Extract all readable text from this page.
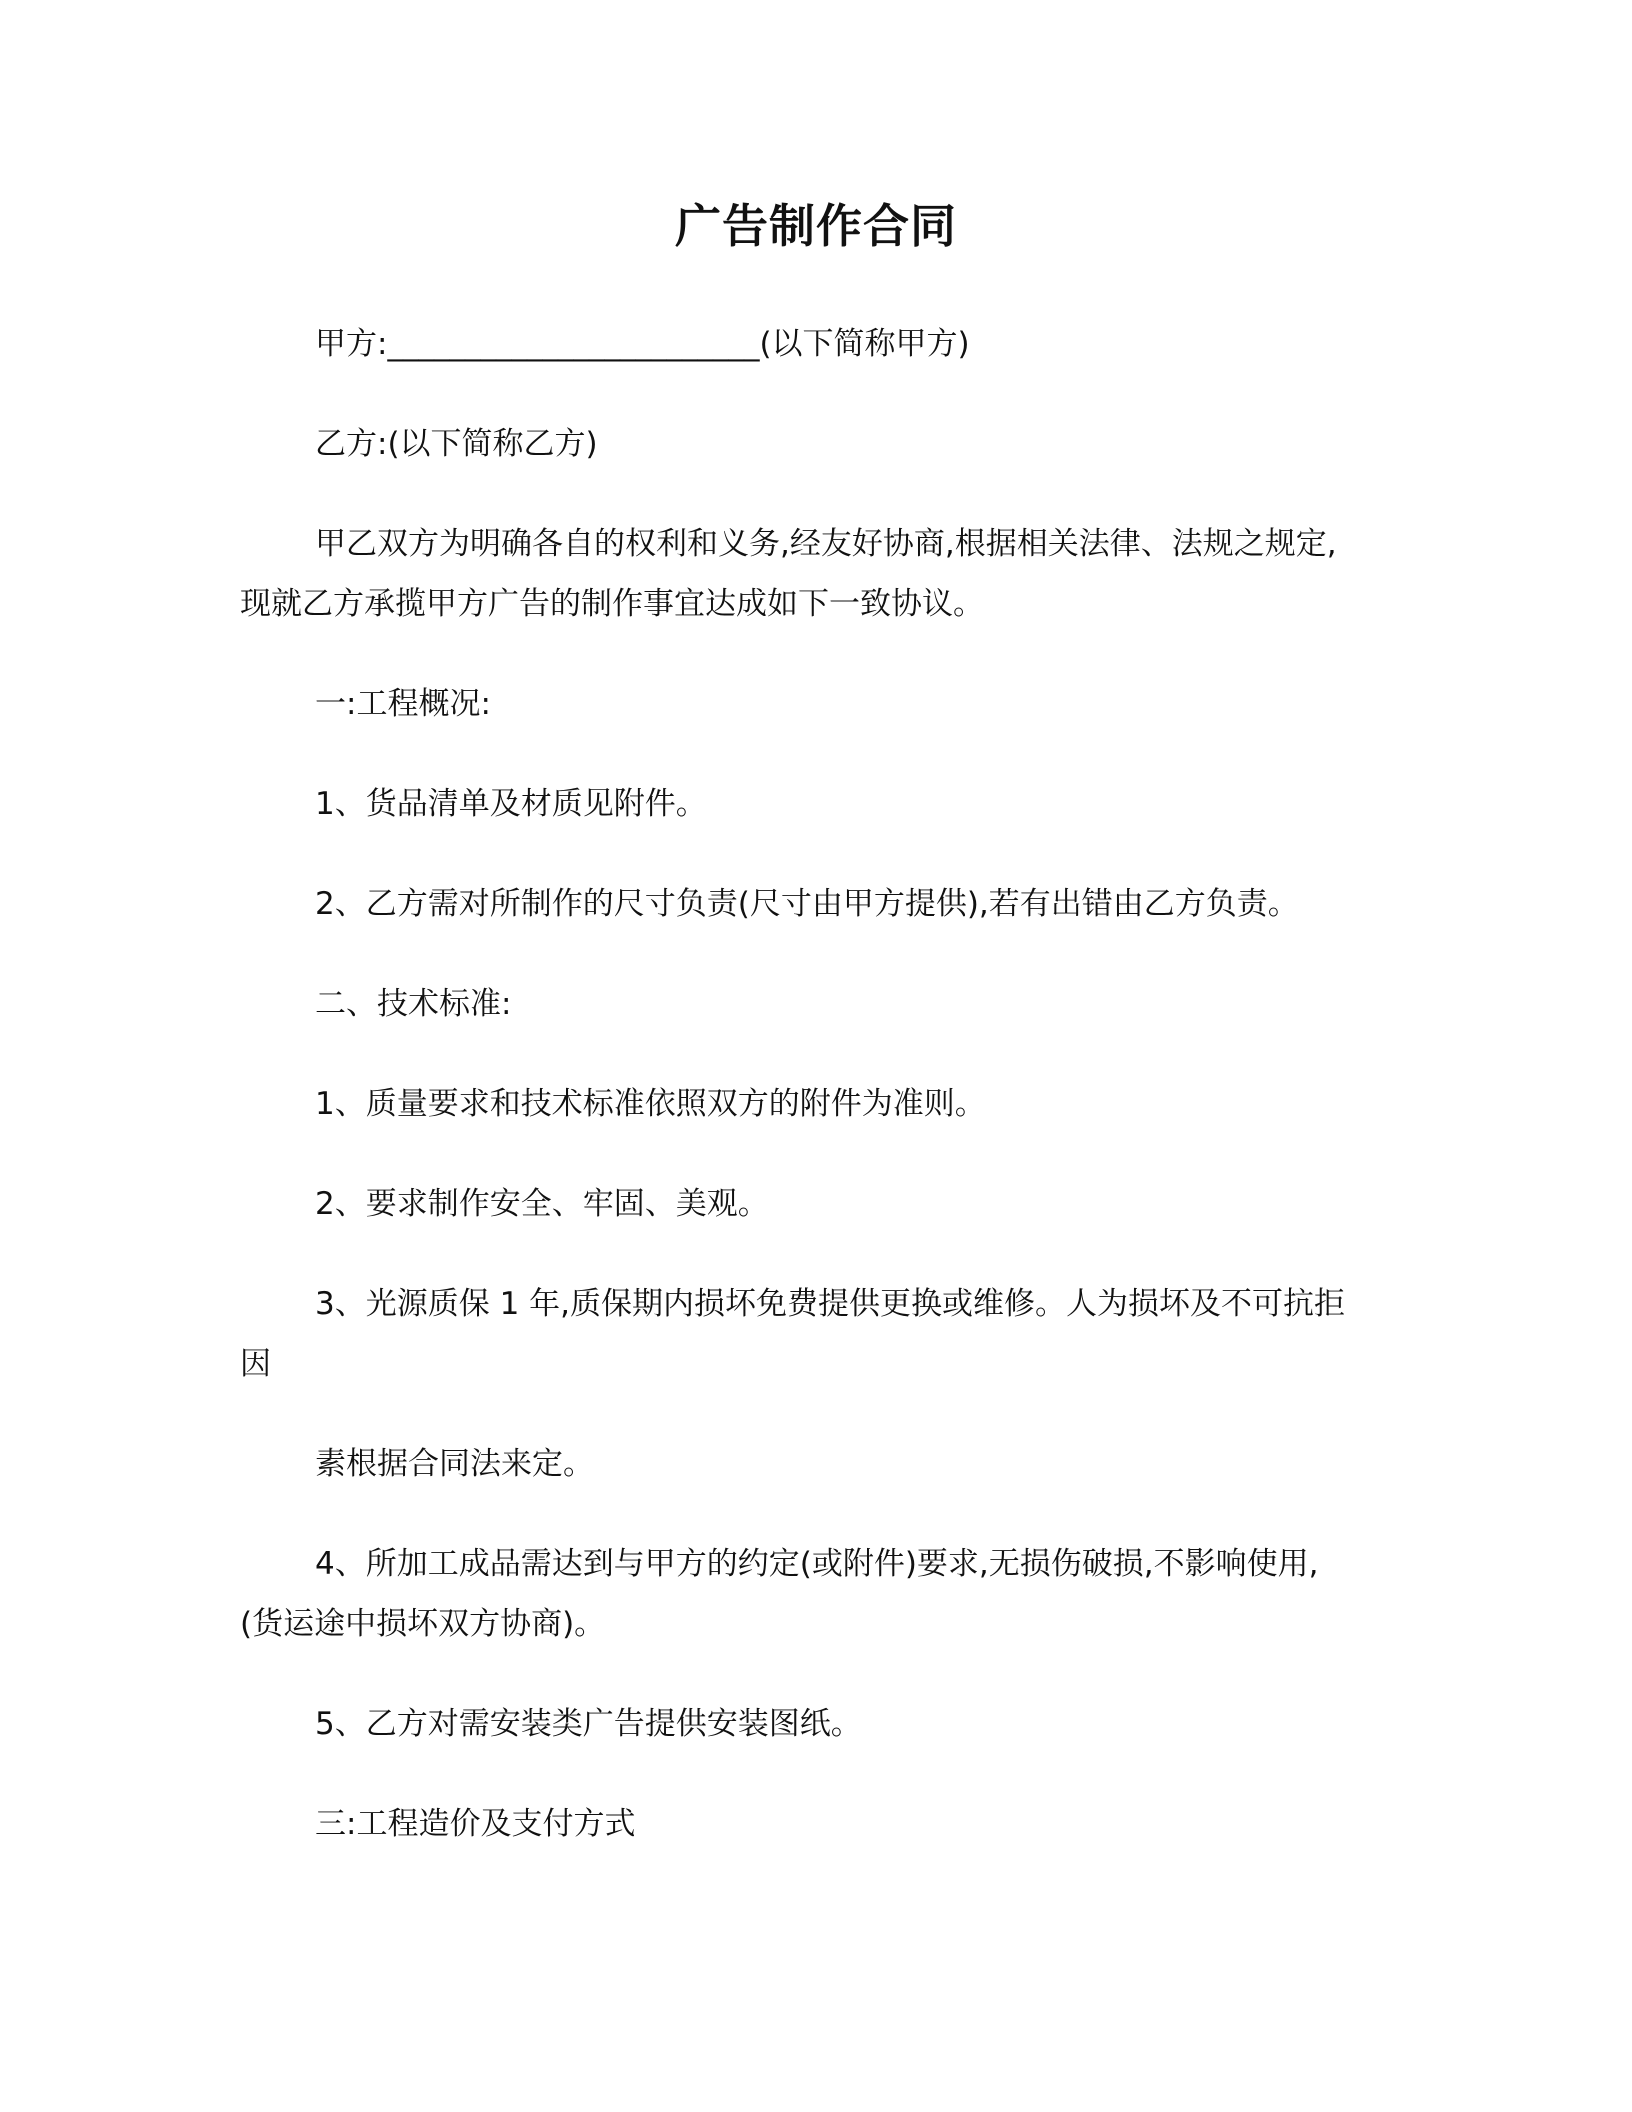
广告制作合同
甲方:________________________(以下简称甲方)
乙方:(以下简称乙方)
甲乙双方为明确各自的权利和义务,经友好协商,根据相关法律、法规之规定,
现就乙方承揽甲方广告的制作事宜达成如下一致协议。
一:工程概况:
1、货品清单及材质见附件。
2、乙方需对所制作的尺寸负责(尺寸由甲方提供),若有出错由乙方负责。
二、技术标准:
1、质量要求和技术标准依照双方的附件为准则。
2、要求制作安全、牢固、美观。
3、光源质保 1 年,质保期内损坏免费提供更换或维修。人为损坏及不可抗拒
因
素根据合同法来定。
4、所加工成品需达到与甲方的约定(或附件)要求,无损伤破损,不影响使用,
(货运途中损坏双方协商)。
5、乙方对需安装类广告提供安装图纸。
三:工程造价及支付方式
